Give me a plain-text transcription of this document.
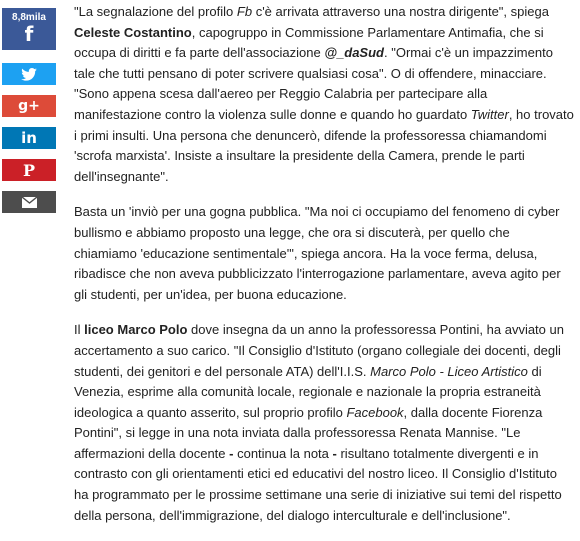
8,8mila
f
g+
in
P

"La segnalazione del profilo Fb c'è arrivata attraverso una nostra dirigente", spiega Celeste Costantino, capogruppo in Commissione Parlamentare Antimafia, che si occupa di diritti e fa parte dell'associazione @_daSud. "Ormai c'è un impazzimento tale che tutti pensano di poter scrivere qualsiasi cosa". O di offendere, minacciare. "Sono appena scesa dall'aereo per Reggio Calabria per partecipare alla manifestazione contro la violenza sulle donne e quando ho guardato Twitter, ho trovato i primi insulti. Una persona che denuncerò, difende la professoressa chiamandomi 'scrofa marxista'. Insiste a insultare la presidente della Camera, prende le parti dell'insegnante".

Basta un 'inviò per una gogna pubblica. "Ma noi ci occupiamo del fenomeno di cyber bullismo e abbiamo proposto una legge, che ora si discuterà, per quello che chiamiamo 'educazione sentimentale'", spiega ancora. Ha la voce ferma, delusa, ribadisce che non aveva pubblicizzato l'interrogazione parlamentare, aveva agito per gli studenti, per un'idea, per buona educazione.

Il liceo Marco Polo dove insegna da un anno la professoressa Pontini, ha avviato un accertamento a suo carico. "Il Consiglio d'Istituto (organo collegiale dei docenti, degli studenti, dei genitori e del personale ATA) dell'I.I.S. Marco Polo - Liceo Artistico di Venezia, esprime alla comunità locale, regionale e nazionale la propria estraneità ideologica a quanto asserito, sul proprio profilo Facebook, dalla docente Fiorenza Pontini", si legge in una nota inviata dalla professoressa Renata Mannise. "Le affermazioni della docente - continua la nota - risultano totalmente divergenti e in contrasto con gli orientamenti etici ed educativi del nostro liceo. Il Consiglio d'Istituto ha programmato per le prossime settimane una serie di iniziative sui temi del rispetto della persona, dell'immigrazione, del dialogo interculturale e dell'inclusione".
